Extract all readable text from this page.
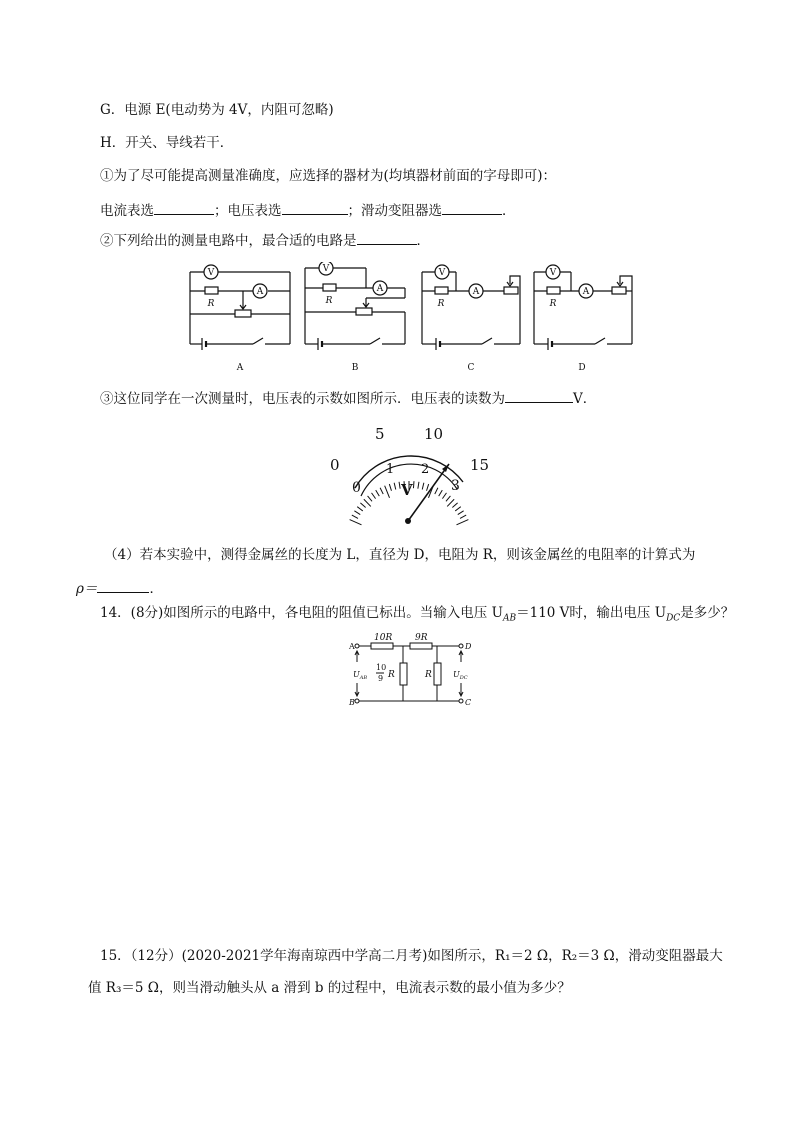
G．电源 E(电动势为 4V，内阻可忽略)
H．开关、导线若干．
①为了尽可能提高测量准确度，应选择的器材为(均填器材前面的字母即可)：
电流表选	；电压表选	；滑动变阻器选	．
②下列给出的测量电路中，最合适的电路是	．
V
A
R
V
A
R
V
A
R
V
A
R
A	B	C	D
③这位同学在一次测量时，电压表的示数如图所示．电压表的读数为	V．
0
5	10
15
0
1 2
3
V
（4）若本实验中，测得金属丝的长度为 L，直径为 D，电阻为 R，则该金属丝的电阻率的计算式为
ρ＝	．
14．(8分)如图所示的电路中，各电阻的阻值已标出。当输入电压 $U_{AB}=110$ V时，输出电压 $U_{DC}$是多少？
A
B
D
C
10R	9R
10
9 R	R
$U_{AB}$	$U_{DC}$
15．（12分）(2020-2021学年海南琼西中学高二月考)如图所示，R₁＝2 Ω，R₂＝3 Ω，滑动变阻器最大
值 R₃＝5 Ω，则当滑动触头从 a 滑到 b 的过程中，电流表示数的最小值为多少？
